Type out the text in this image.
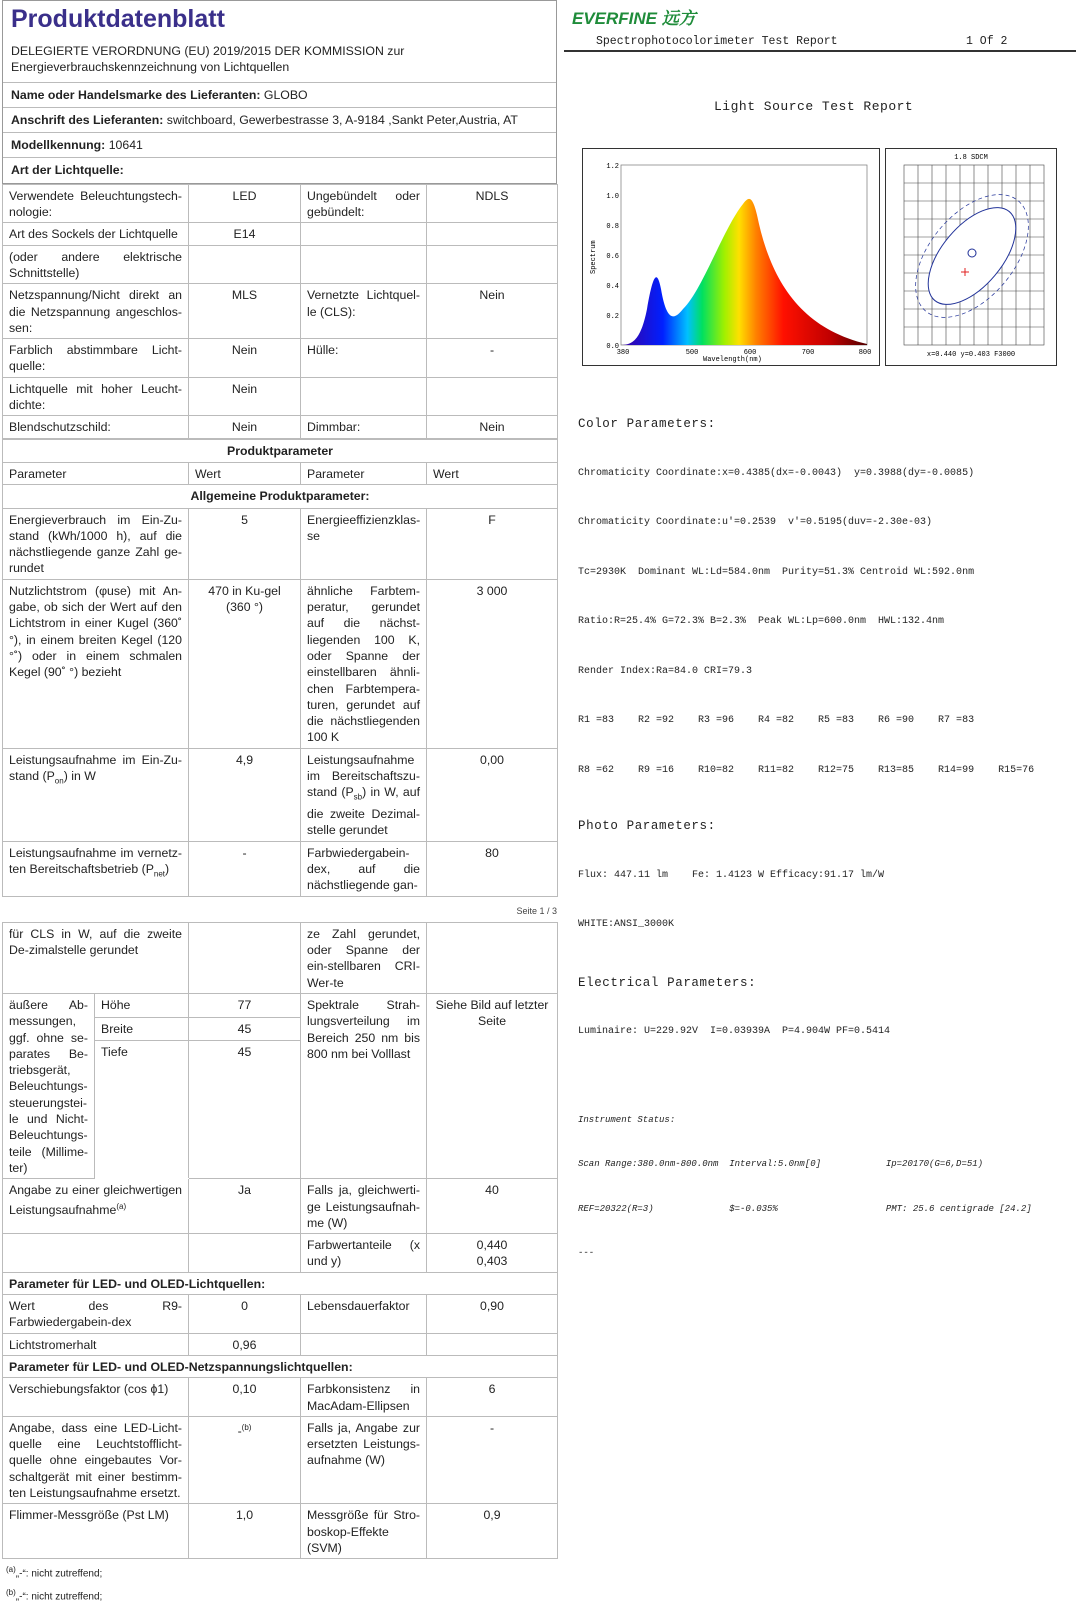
Produktdatenblatt
DELEGIERTE VERORDNUNG (EU) 2019/2015 DER KOMMISSION zur Energieverbrauchskennzeichnung von Lichtquellen
Name oder Handelsmarke des Lieferanten: GLOBO
Anschrift des Lieferanten: switchboard, Gewerbestrasse 3, A-9184 ,Sankt Peter,Austria, AT
Modellkennung: 10641
Art der Lichtquelle:
Verwendete Beleuchtungstech-nologie:	LED	Ungebündelt oder gebündelt:	NDLS
Art des Sockels der Lichtquelle	E14		
(oder andere elektrische Schnittstelle)			
Netzspannung/Nicht direkt an die Netzspannung angeschlos-sen:	MLS	Vernetzte Lichtquel-le (CLS):	Nein
Farblich abstimmbare Licht-quelle:	Nein	Hülle:	-
Lichtquelle mit hoher Leucht-dichte:	Nein		
Blendschutzschild:	Nein	Dimmbar:	Nein
Produktparameter			
Parameter	Wert	Parameter	Wert
Allgemeine Produktparameter:			
Energieverbrauch im Ein-Zu-stand (kWh/1000 h), auf die nächstliegende ganze Zahl ge-rundet	5	Energieeffizienzklas-se	F
Nutzlichtstrom (φuse) mit An-gabe, ob sich der Wert auf den Lichtstrom in einer Kugel (360˚ °), in einem breiten Kegel (120 °˚) oder in einem schmalen Kegel (90˚ °) bezieht	470 in Ku-gel (360 °)	ähnliche Farbtem-peratur, gerundet auf die nächst-liegenden 100 K, oder Spanne der einstellbaren ähnli-chen Farbtempera-turen, gerundet auf die nächstliegenden 100 K	3 000
Leistungsaufnahme im Ein-Zu-stand $(P_{on})$ in W	4,9	Leistungsaufnahme im Bereitschaftszu-stand $(P_{sb})$ in W, auf die zweite Dezimal-stelle gerundet	0,00
Leistungsaufnahme im vernetz-ten Bereitschaftsbetrieb $(P_{net})$	-	Farbwiedergabein-dex, auf die nächstliegende gan-	80
Seite 1 / 3
für CLS in W, auf die zweite De-zimalstelle gerundet			ze Zahl gerundet, oder Spanne der ein-stellbaren CRI-Wer-te	
äußere Ab-messungen, ggf. ohne se-parates Be-triebsgerät, Beleuchtungs-steuerungstei-le und Nicht-Beleuchtungs-teile (Millime-ter)	Höhe	77	Spektrale Strah-lungsverteilung im Bereich 250 nm bis 800 nm bei Volllast	Siehe Bild auf letzter Seite
	Breite	45		
	Tiefe	45		
Angabe zu einer gleichwertigen Leistungsaufnahme$^{(a)}$		Ja	Falls ja, gleichwerti-ge Leistungsaufnah-me (W)	40
			Farbwertanteile (x und y)	0,440
0,403

Parameter für LED- und OLED-Lichtquellen:				
Wert des R9-Farbwiedergabein-dex		0	Lebensdauerfaktor	0,90
Lichtstromerhalt		0,96		
Parameter für LED- und OLED-Netzspannungslichtquellen:				
Verschiebungsfaktor (cos ϕ1)		0,10	Farbkonsistenz in MacAdam-Ellipsen	6
Angabe, dass eine LED-Licht-quelle eine Leuchtstofflicht-quelle ohne eingebautes Vor-schaltgerät mit einer bestimm-ten Leistungsaufnahme ersetzt.		-$^{(b)}$	Falls ja, Angabe zur ersetzten Leistungs-aufnahme (W)	-
Flimmer-Messgröße (Pst LM)		1,0	Messgröße für Stro-boskop-Effekte (SVM)	0,9
$^{(a)}$„-“: nicht zutreffend;
$^{(b)}$„-“: nicht zutreffend;
EVERFINE 远方
Spectrophotocolorimeter Test Report	1 Of 2
Light Source Test Report
Spectrum
Wavelength(nm)
1.2
1.0
0.8
0.6
0.4
0.2
0.0
380	500	600	700	800
1.8 SDCM
x=0.440 y=0.403 F3000

Color Parameters:

Chromaticity Coordinate:x=0.4385(dx=-0.0043)  y=0.3988(dy=-0.0085)

Chromaticity Coordinate:u'=0.2539  v'=0.5195(duv=-2.30e-03)

Tc=2930K  Dominant WL:Ld=584.0nm  Purity=51.3% Centroid WL:592.0nm

Ratio:R=25.4% G=72.3% B=2.3%  Peak WL:Lp=600.0nm  HWL:132.4nm

Render Index:Ra=84.0 CRI=79.3

R1 =83    R2 =92    R3 =96    R4 =82    R5 =83    R6 =90    R7 =83

R8 =62    R9 =16    R10=82    R11=82    R12=75    R13=85    R14=99    R15=76

Photo Parameters:

Flux: 447.11 lm    Fe: 1.4123 W Efficacy:91.17 lm/W

WHITE:ANSI_3000K

Electrical Parameters:

Luminaire: U=229.92V  I=0.03939A  P=4.904W PF=0.5414

Instrument Status:

Scan Range:380.0nm-800.0nm  Interval:5.0nm[0]            Ip=20170(G=6,D=51)

REF=20322(R=3)              $=-0.035%                    PMT: 25.6 centigrade [24.2]

---
